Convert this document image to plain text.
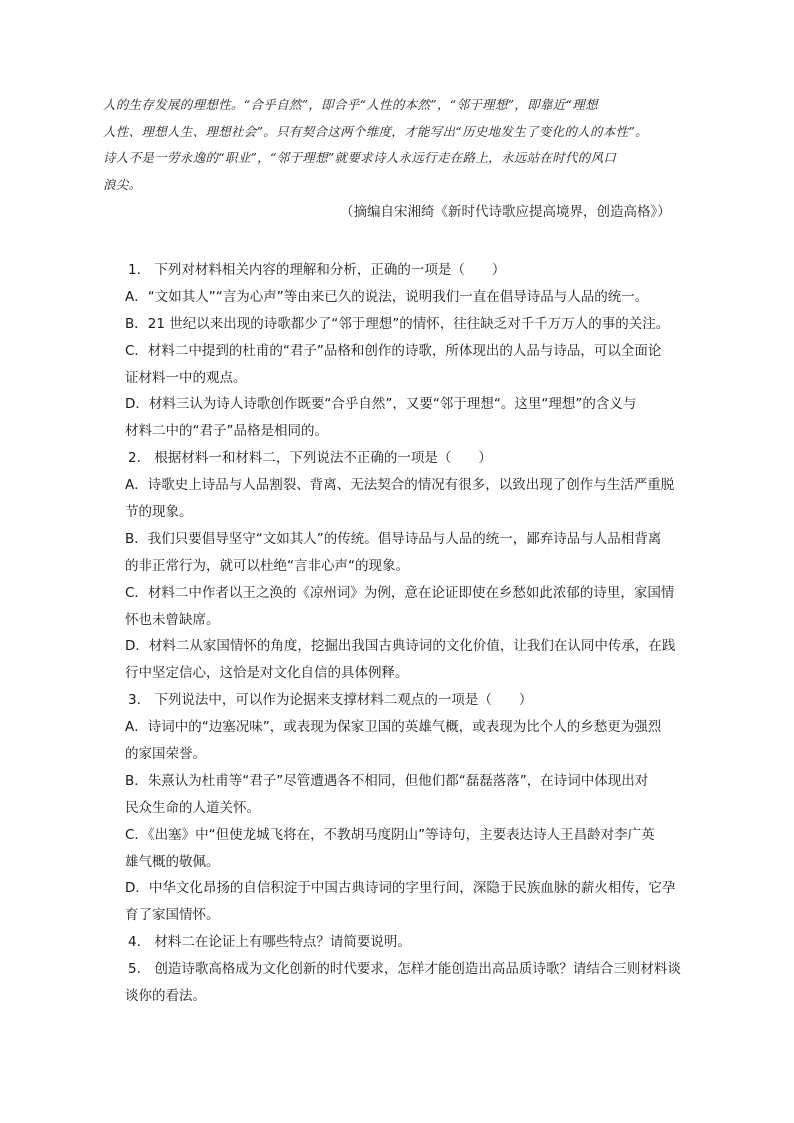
人的生存发展的理想性。“合乎自然”，即合乎“人性的本然”，“邻于理想”，即靠近“理想
人性、理想人生、理想社会”。只有契合这两个维度，才能写出“历史地发生了变化的人的本性”。
诗人不是一劳永逸的“职业”，“邻于理想”就要求诗人永远行走在路上，永远站在时代的风口
浪尖。
（摘编自宋湘绮《新时代诗歌应提高境界，创造高格》）
1.　下列对材料相关内容的理解和分析，正确的一项是（　　）
A．“文如其人”“言为心声”等由来已久的说法，说明我们一直在倡导诗品与人品的统一。
B．21 世纪以来出现的诗歌都少了“邻于理想”的情怀，往往缺乏对千千万万人的事的关注。
C．材料二中提到的杜甫的“君子”品格和创作的诗歌，所体现出的人品与诗品，可以全面论
证材料一中的观点。
D．材料三认为诗人诗歌创作既要“合乎自然”，又要“邻于理想“。这里“理想”的含义与
材料二中的“君子”品格是相同的。
2.　根据材料一和材料二，下列说法不正确的一项是（　　）
A．诗歌史上诗品与人品割裂、背离、无法契合的情况有很多，以致出现了创作与生活严重脱
节的现象。
B．我们只要倡导坚守“文如其人”的传统。倡导诗品与人品的统一，鄙弃诗品与人品相背离
的非正常行为，就可以杜绝“言非心声“的现象。
C．材料二中作者以王之涣的《凉州词》为例，意在论证即使在乡愁如此浓郁的诗里，家国情
怀也未曾缺席。
D．材料二从家国情怀的角度，挖掘出我国古典诗词的文化价值，让我们在认同中传承，在践
行中坚定信心，这恰是对文化自信的具体例释。
3.　下列说法中，可以作为论据来支撑材料二观点的一项是（　　）
A．诗词中的“边塞况味”，或表现为保家卫国的英雄气概，或表现为比个人的乡愁更为强烈
的家国荣誉。
B．朱熹认为杜甫等“君子”尽管遭遇各不相同，但他们都“磊磊落落”，在诗词中体现出对
民众生命的人道关怀。
C．《出塞》中“但使龙城飞将在，不教胡马度阴山”等诗句，主要表达诗人王昌龄对李广英
雄气概的敬佩。
D．中华文化昂扬的自信积淀于中国古典诗词的字里行间，深隐于民族血脉的薪火相传，它孕
育了家国情怀。
4.　材料二在论证上有哪些特点？请简要说明。
5.　创造诗歌高格成为文化创新的时代要求，怎样才能创造出高品质诗歌？请结合三则材料谈
谈你的看法。
